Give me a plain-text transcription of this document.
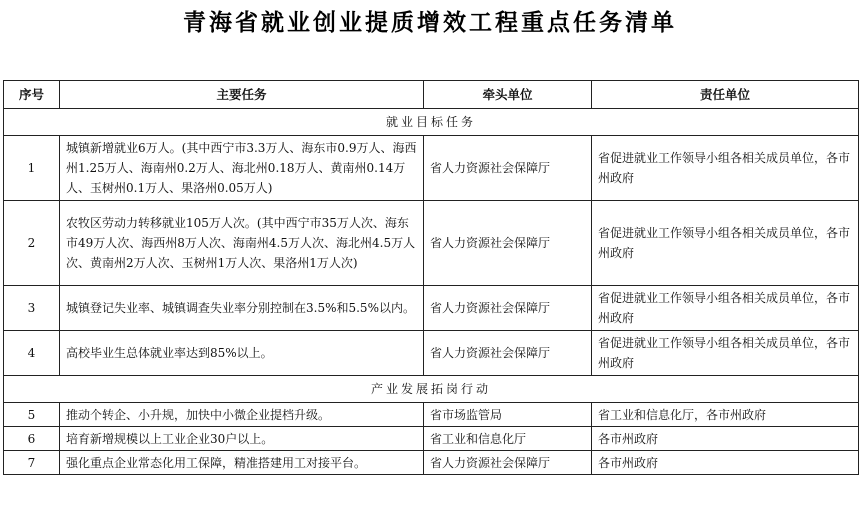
青海省就业创业提质增效工程重点任务清单
序号	主要任务	牵头单位	责任单位
就业目标任务			
1	城镇新增就业6万人。(其中西宁市3.3万人、海东市0.9万人、海西州1.25万人、海南州0.2万人、海北州0.18万人、黄南州0.14万人、玉树州0.1万人、果洛州0.05万人)	省人力资源社会保障厅	省促进就业工作领导小组各相关成员单位，各市州政府
2	农牧区劳动力转移就业105万人次。(其中西宁市35万人次、海东市49万人次、海西州8万人次、海南州4.5万人次、海北州4.5万人次、黄南州2万人次、玉树州1万人次、果洛州1万人次)	省人力资源社会保障厅	省促进就业工作领导小组各相关成员单位，各市州政府
3	城镇登记失业率、城镇调查失业率分别控制在3.5%和5.5%以内。	省人力资源社会保障厅	省促进就业工作领导小组各相关成员单位，各市州政府
4	高校毕业生总体就业率达到85%以上。	省人力资源社会保障厅	省促进就业工作领导小组各相关成员单位，各市州政府
产业发展拓岗行动			
5	推动个转企、小升规，加快中小微企业提档升级。	省市场监管局	省工业和信息化厅，各市州政府
6	培育新增规模以上工业企业30户以上。	省工业和信息化厅	各市州政府
7	强化重点企业常态化用工保障，精准搭建用工对接平台。	省人力资源社会保障厅	各市州政府
